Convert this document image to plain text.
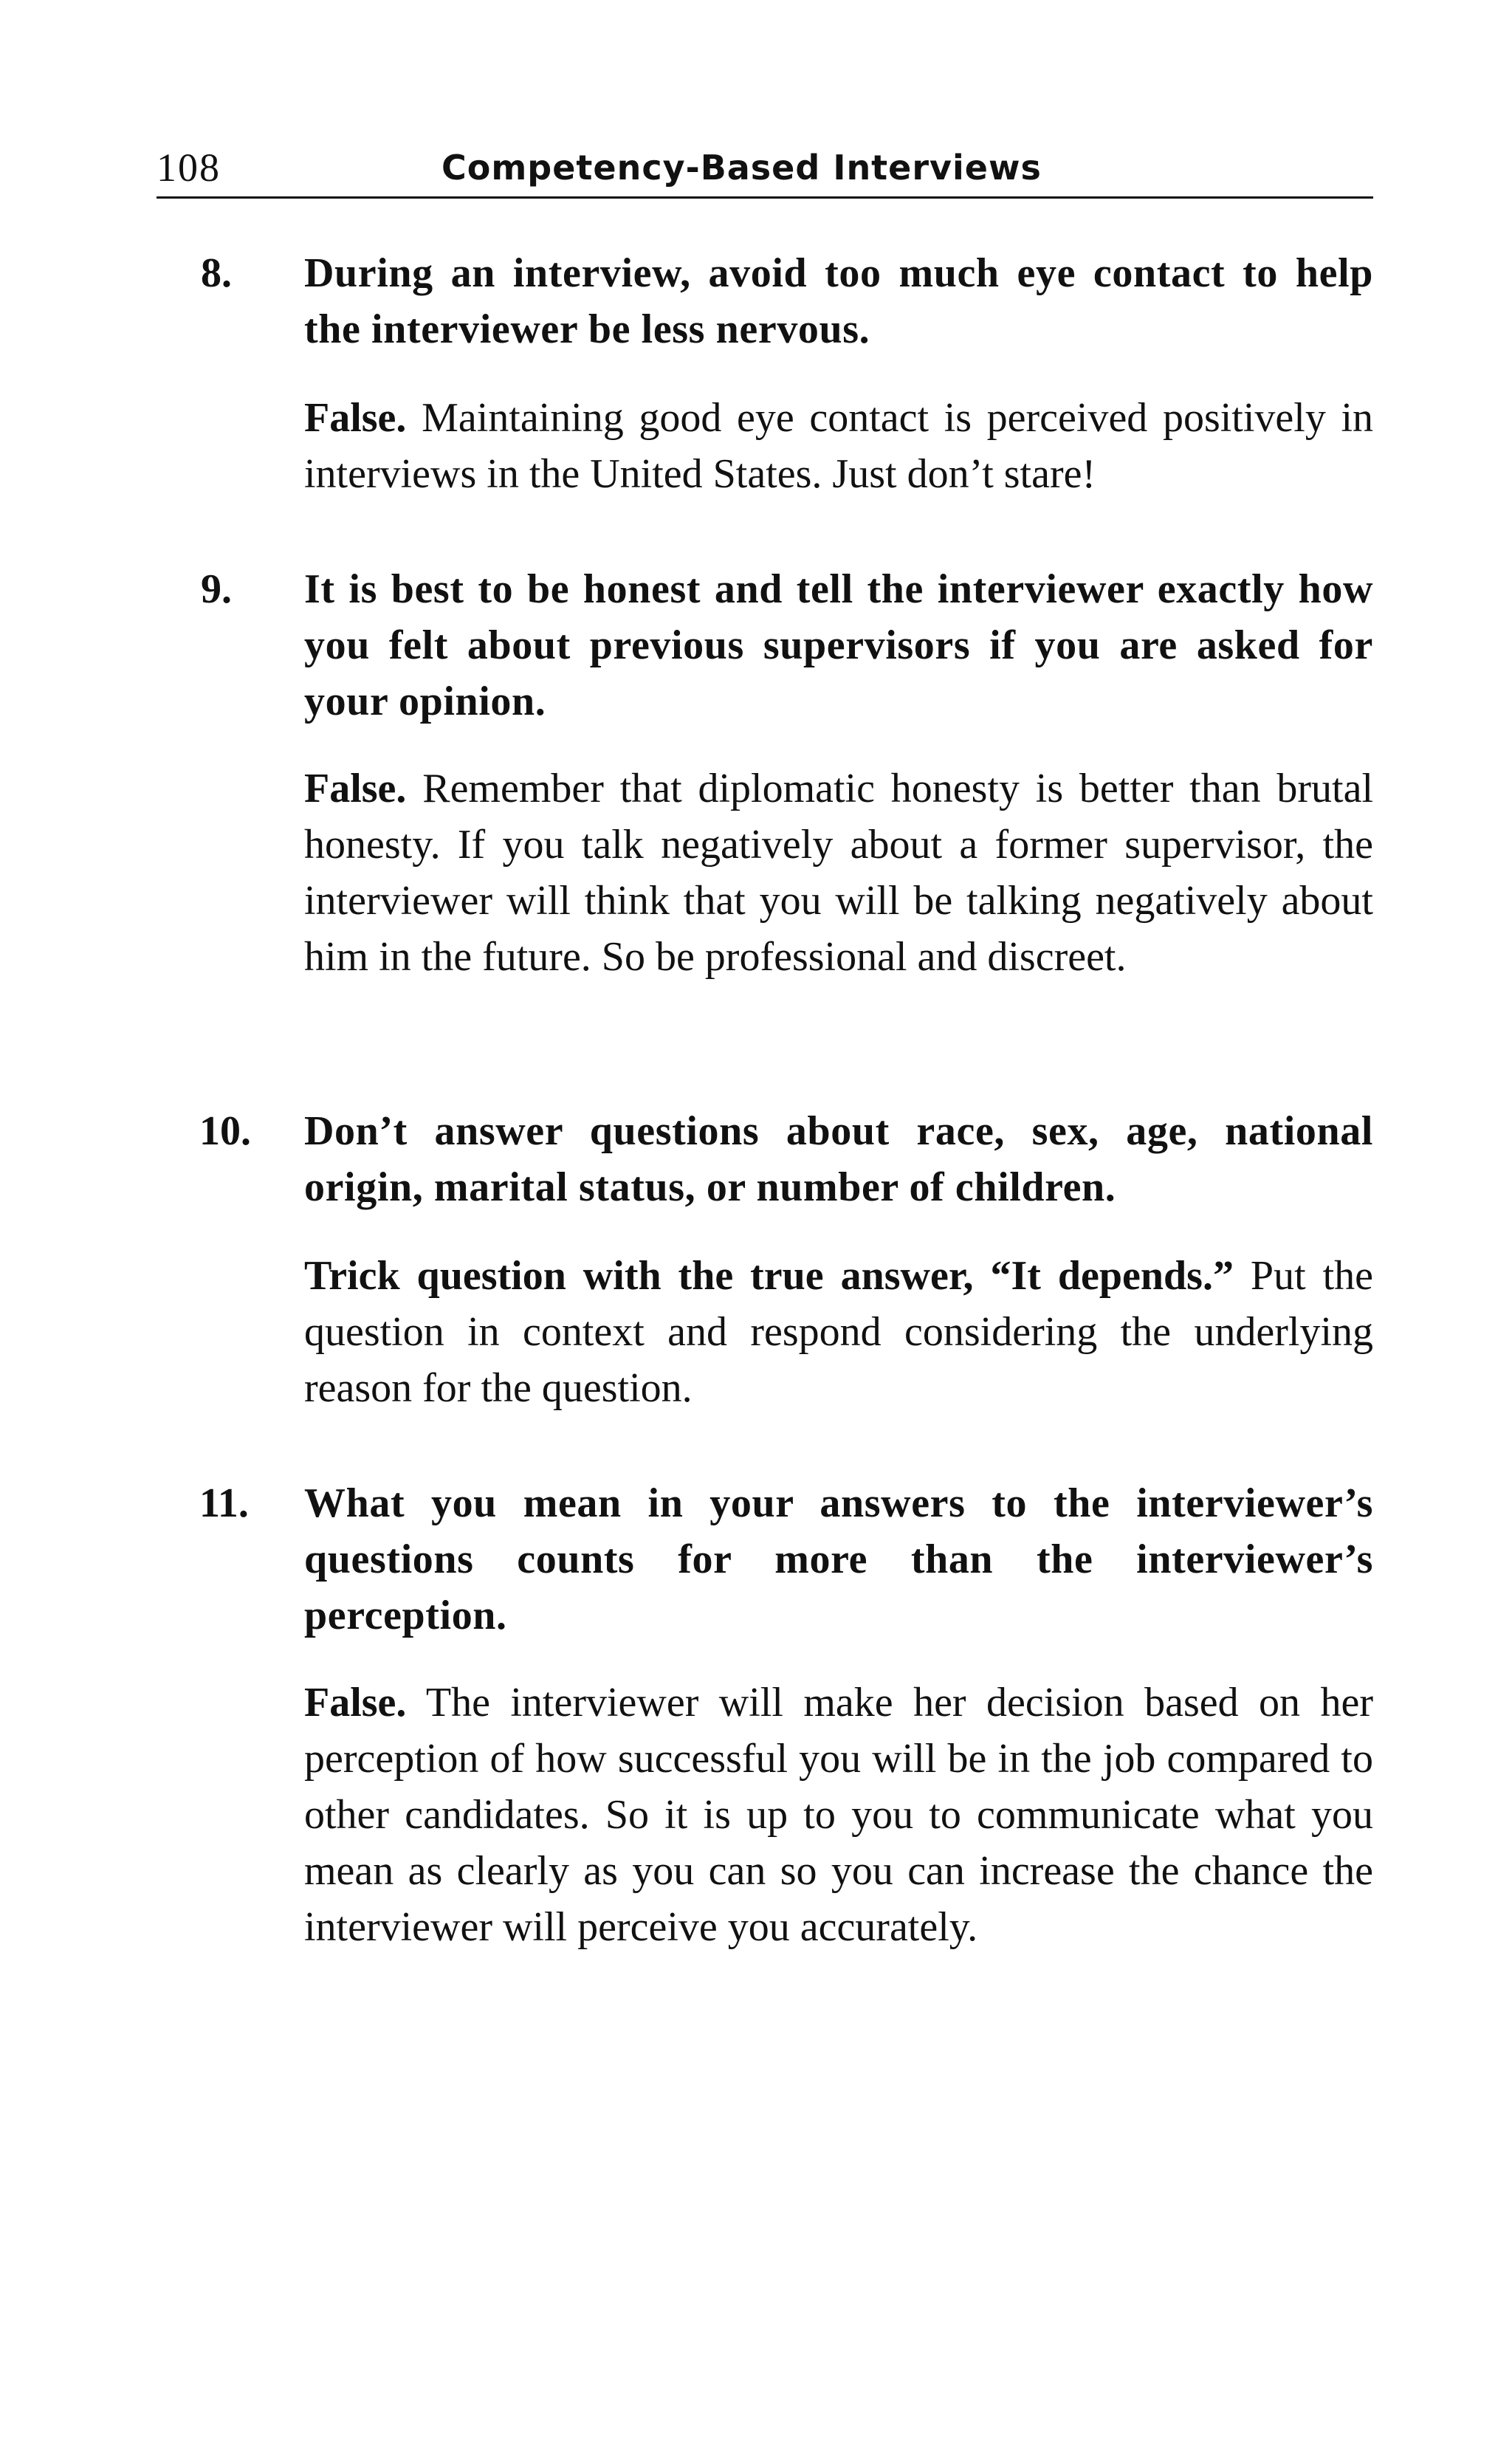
108	Competency-Based Interviews
8. During an interview, avoid too much eye contact to help the interviewer be less nervous.

False. Maintaining good eye contact is perceived positively in interviews in the United States. Just don’t stare!

9. It is best to be honest and tell the interviewer exactly how you felt about previous supervisors if you are asked for your opinion.

False. Remember that diplomatic honesty is better than brutal honesty. If you talk negatively about a former supervisor, the interviewer will think that you will be talking negatively about him in the future. So be professional and discreet.

10. Don’t answer questions about race, sex, age, national origin, marital status, or number of children.

Trick question with the true answer, “It depends.” Put the question in context and respond considering the underlying reason for the question.

11. What you mean in your answers to the interviewer’s questions counts for more than the interviewer’s perception.

False. The interviewer will make her decision based on her perception of how successful you will be in the job compared to other candidates. So it is up to you to communicate what you mean as clearly as you can so you can increase the chance the interviewer will perceive you accurately.
